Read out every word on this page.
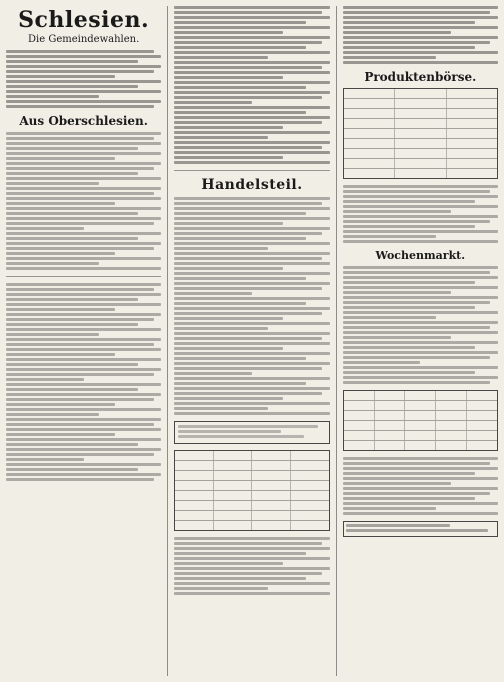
Schlesien.
Die Gemeindewahlen.
Aus Oberschlesien.
Handelsteil.
Produktenbörse.
Wochenmarkt.
